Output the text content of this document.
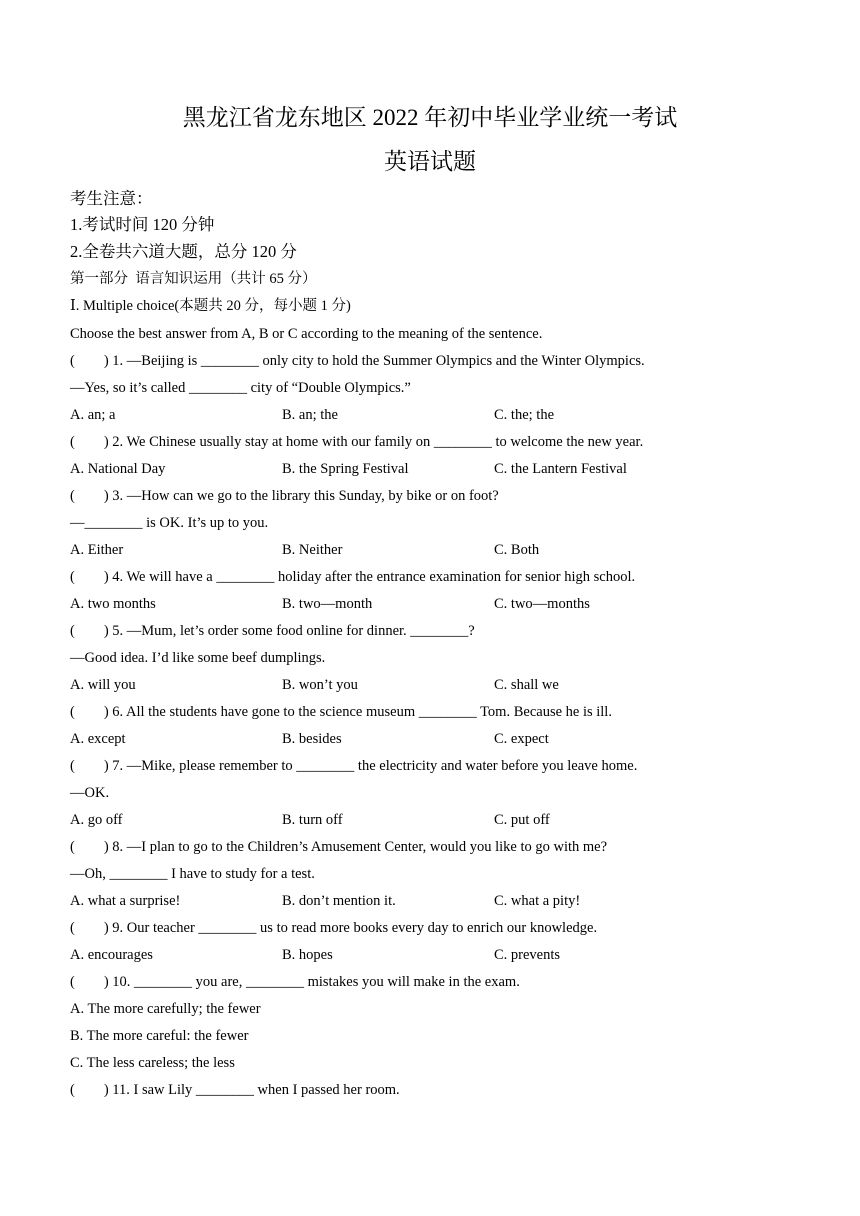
黑龙江省龙东地区 2022 年初中毕业学业统一考试
英语试题
考生注意：
1.考试时间 120 分钟
2.全卷共六道大题，总分 120 分
第一部分  语言知识运用（共计 65 分）
Ⅰ. Multiple choice(本题共 20 分，每小题 1 分)
Choose the best answer from A, B or C according to the meaning of the sentence.
(        ) 1. —Beijing is ________ only city to hold the Summer Olympics and the Winter Olympics.
—Yes, so it’s called ________ city of “Double Olympics.”
A. an; a	B. an; the	C. the; the
(        ) 2. We Chinese usually stay at home with our family on ________ to welcome the new year.
A. National Day	B. the Spring Festival	C. the Lantern Festival
(        ) 3. —How can we go to the library this Sunday, by bike or on foot?
—________ is OK. It’s up to you.
A. Either	B. Neither	C. Both
(        ) 4. We will have a ________ holiday after the entrance examination for senior high school.
A. two months	B. two—month	C. two—months
(        ) 5. —Mum, let’s order some food online for dinner. ________?
—Good idea. I’d like some beef dumplings.
A. will you	B. won’t you	C. shall we
(        ) 6. All the students have gone to the science museum ________ Tom. Because he is ill.
A. except	B. besides	C. expect
(        ) 7. —Mike, please remember to ________ the electricity and water before you leave home.
—OK.
A. go off	B. turn off	C. put off
(        ) 8. —I plan to go to the Children’s Amusement Center, would you like to go with me?
—Oh, ________ I have to study for a test.
A. what a surprise!	B. don’t mention it.	C. what a pity!
(        ) 9. Our teacher ________ us to read more books every day to enrich our knowledge.
A. encourages	B. hopes	C. prevents
(        ) 10. ________ you are, ________ mistakes you will make in the exam.
A. The more carefully; the fewer
B. The more careful: the fewer
C. The less careless; the less
(        ) 11. I saw Lily ________ when I passed her room.
